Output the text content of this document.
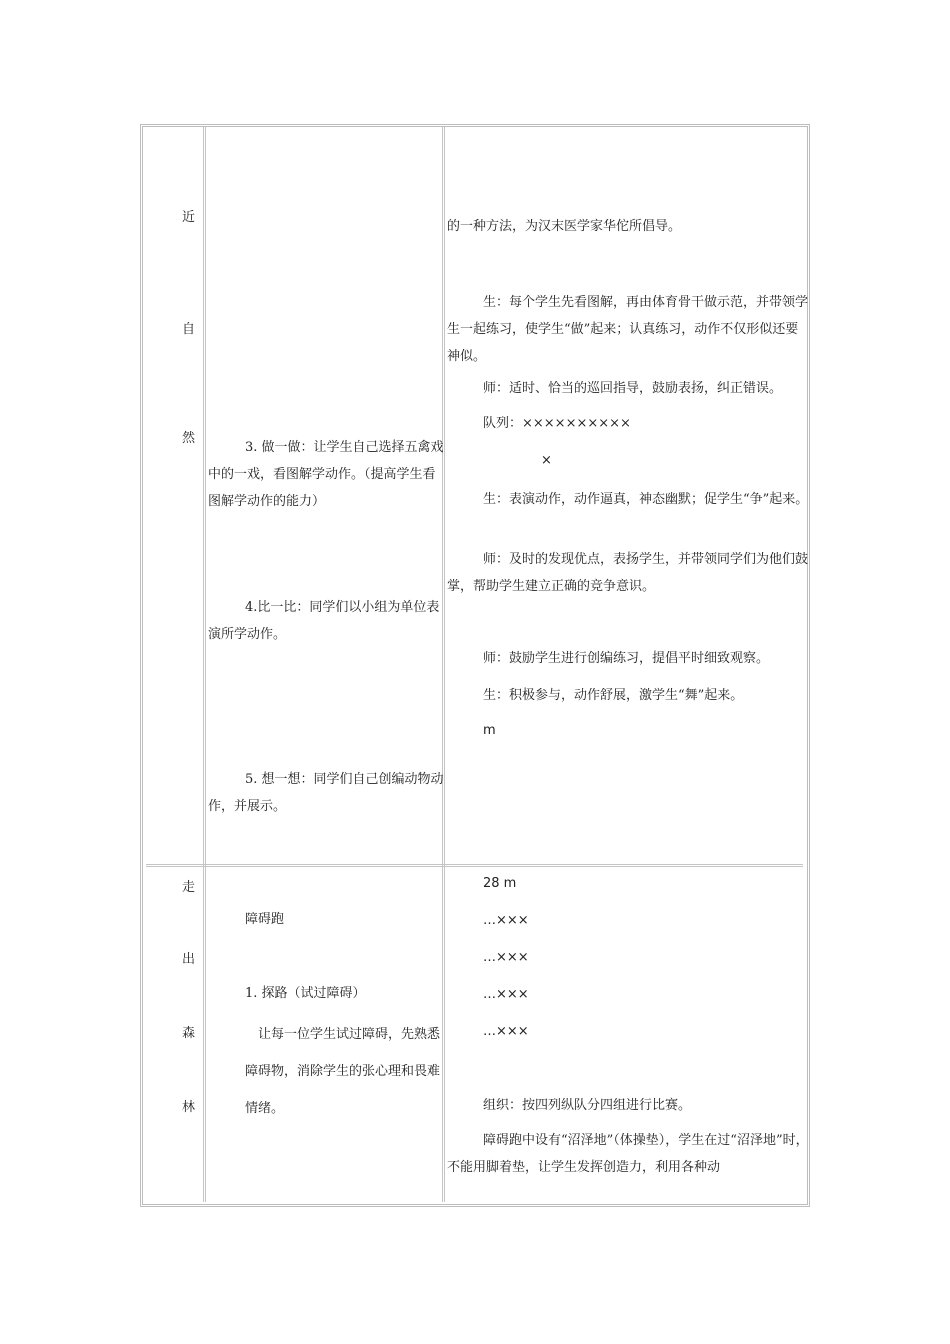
近
自
然

3. 做一做：让学生自己选择五禽戏中的一戏，看图解学动作。（提高学生看图解学动作的能力）

4.比一比：同学们以小组为单位表演所学动作。

5. 想一想：同学们自己创编动物动作，并展示。

的一种方法，为汉末医学家华佗所倡导。

生：每个学生先看图解，再由体育骨干做示范，并带领学生一起练习，使学生“做”起来；认真练习，动作不仅形似还要神似。

师：适时、恰当的巡回指导，鼓励表扬，纠正错误。

队列：××××××××××
×

生：表演动作，动作逼真，神态幽默；促学生“争”起来。

师：及时的发现优点，表扬学生，并带领同学们为他们鼓掌，帮助学生建立正确的竞争意识。

师：鼓励学生进行创编练习，提倡平时细致观察。

生：积极参与，动作舒展，激学生“舞”起来。

m
走
出
森
林
障碍跑
1. 探路（试过障碍）

让每一位学生试过障碍，先熟悉障碍物，消除学生的张心理和畏难情绪。

28 m
…×××
…×××
…×××
…×××

组织：按四列纵队分四组进行比赛。

障碍跑中设有“沼泽地”（体操垫），学生在过“沼泽地”时，不能用脚着垫，让学生发挥创造力，利用各种动
